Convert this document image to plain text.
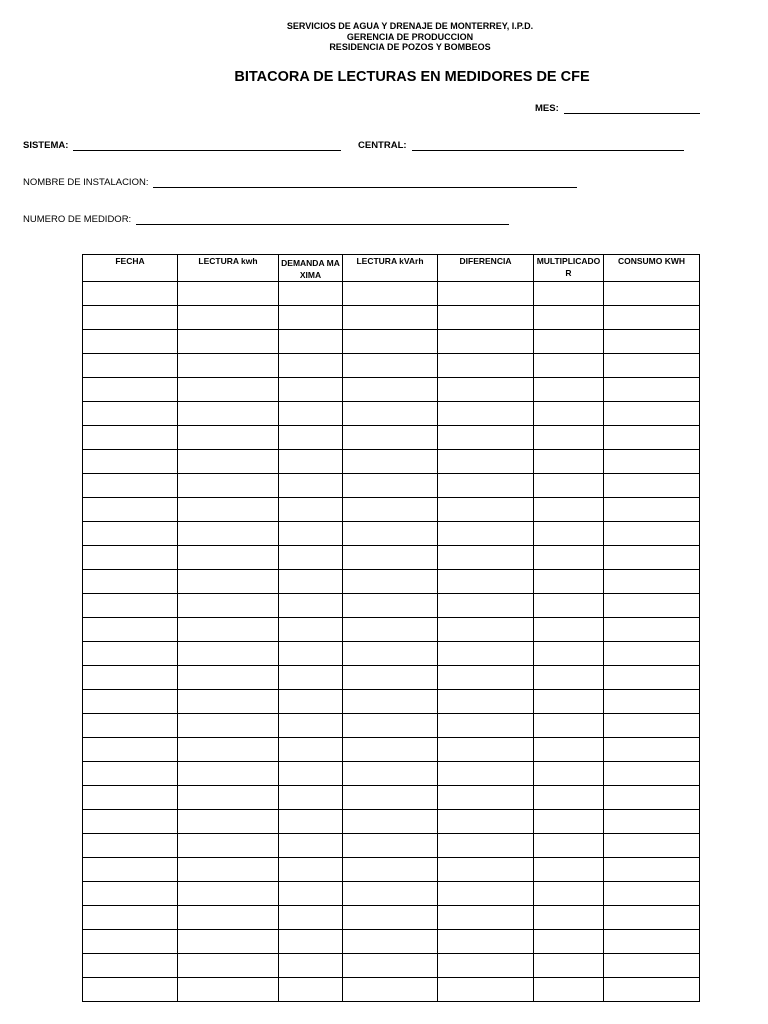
SERVICIOS DE AGUA Y DRENAJE DE MONTERREY, I.P.D.
GERENCIA DE PRODUCCION
RESIDENCIA DE POZOS Y BOMBEOS
BITACORA DE LECTURAS EN MEDIDORES DE CFE
MES:
SISTEMA:	CENTRAL:
NOMBRE DE INSTALACION:
NUMERO DE MEDIDOR:
FECHA	LECTURA kwh	DEMANDA MAXIMA	LECTURA kVArh	DIFERENCIA	MULTIPLICADOR	CONSUMO KWH
